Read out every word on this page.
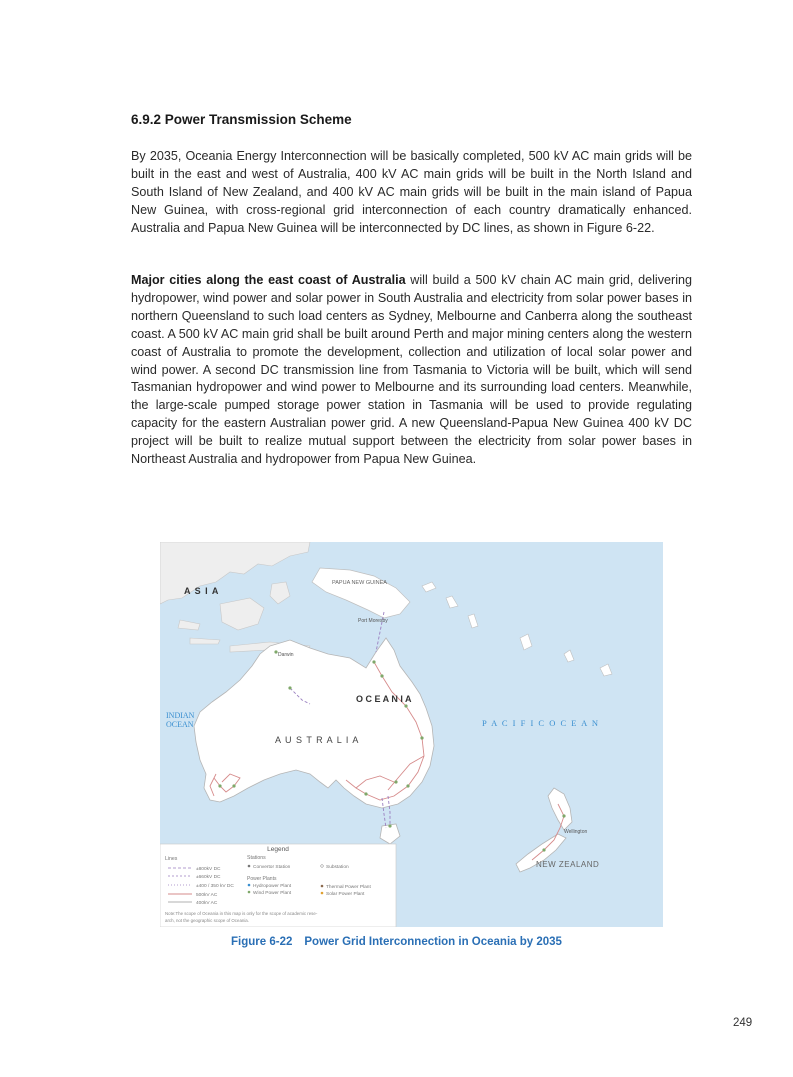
6.9.2 Power Transmission Scheme

By 2035, Oceania Energy Interconnection will be basically completed, 500 kV AC main grids will be built in the east and west of Australia, 400 kV AC main grids will be built in the North Island and South Island of New Zealand, and 400 kV AC main grids will be built in the main island of Papua New Guinea, with cross-regional grid interconnection of each country dramatically enhanced. Australia and Papua New Guinea will be interconnected by DC lines, as shown in Figure 6-22.

Major cities along the east coast of Australia will build a 500 kV chain AC main grid, delivering hydropower, wind power and solar power in South Australia and electricity from solar power bases in northern Queensland to such load centers as Sydney, Melbourne and Canberra along the southeast coast. A 500 kV AC main grid shall be built around Perth and major mining centers along the western coast of Australia to promote the development, collection and utilization of local solar power and wind power. A second DC transmission line from Tasmania to Victoria will be built, which will send Tasmanian hydropower and wind power to Melbourne and its surrounding load centers. Meanwhile, the large-scale pumped storage power station in Tasmania will be used to provide regulating capacity for the eastern Australian power grid. A new Queensland-Papua New Guinea 400 kV DC project will be built to realize mutual support between the electricity from solar power bases in Northeast Australia and hydropower from Papua New Guinea.

A S I A
PAPUA NEW GUINEA
Port Moresby
Darwin
O C E A N I A
INDIAN
OCEAN	P A C I F I C O C E A N
A U S T R A L I A
Wellington
NEW ZEALAND
Legend
Lines	Stations
±800kV DC
±660kV DC
±400 / 350 kV DC
500kV AC
400kV AC
Convertor Station	Substation
Power Plants
Hydropower Plant	Thermal Power Plant
Wind Power Plant	Solar Power Plant
Note:The scope of Oceania in this map is only for the scope of academic rese-
arch, not the geographic scope of Oceania.
Figure 6-22 Power Grid Interconnection in Oceania by 2035
249
